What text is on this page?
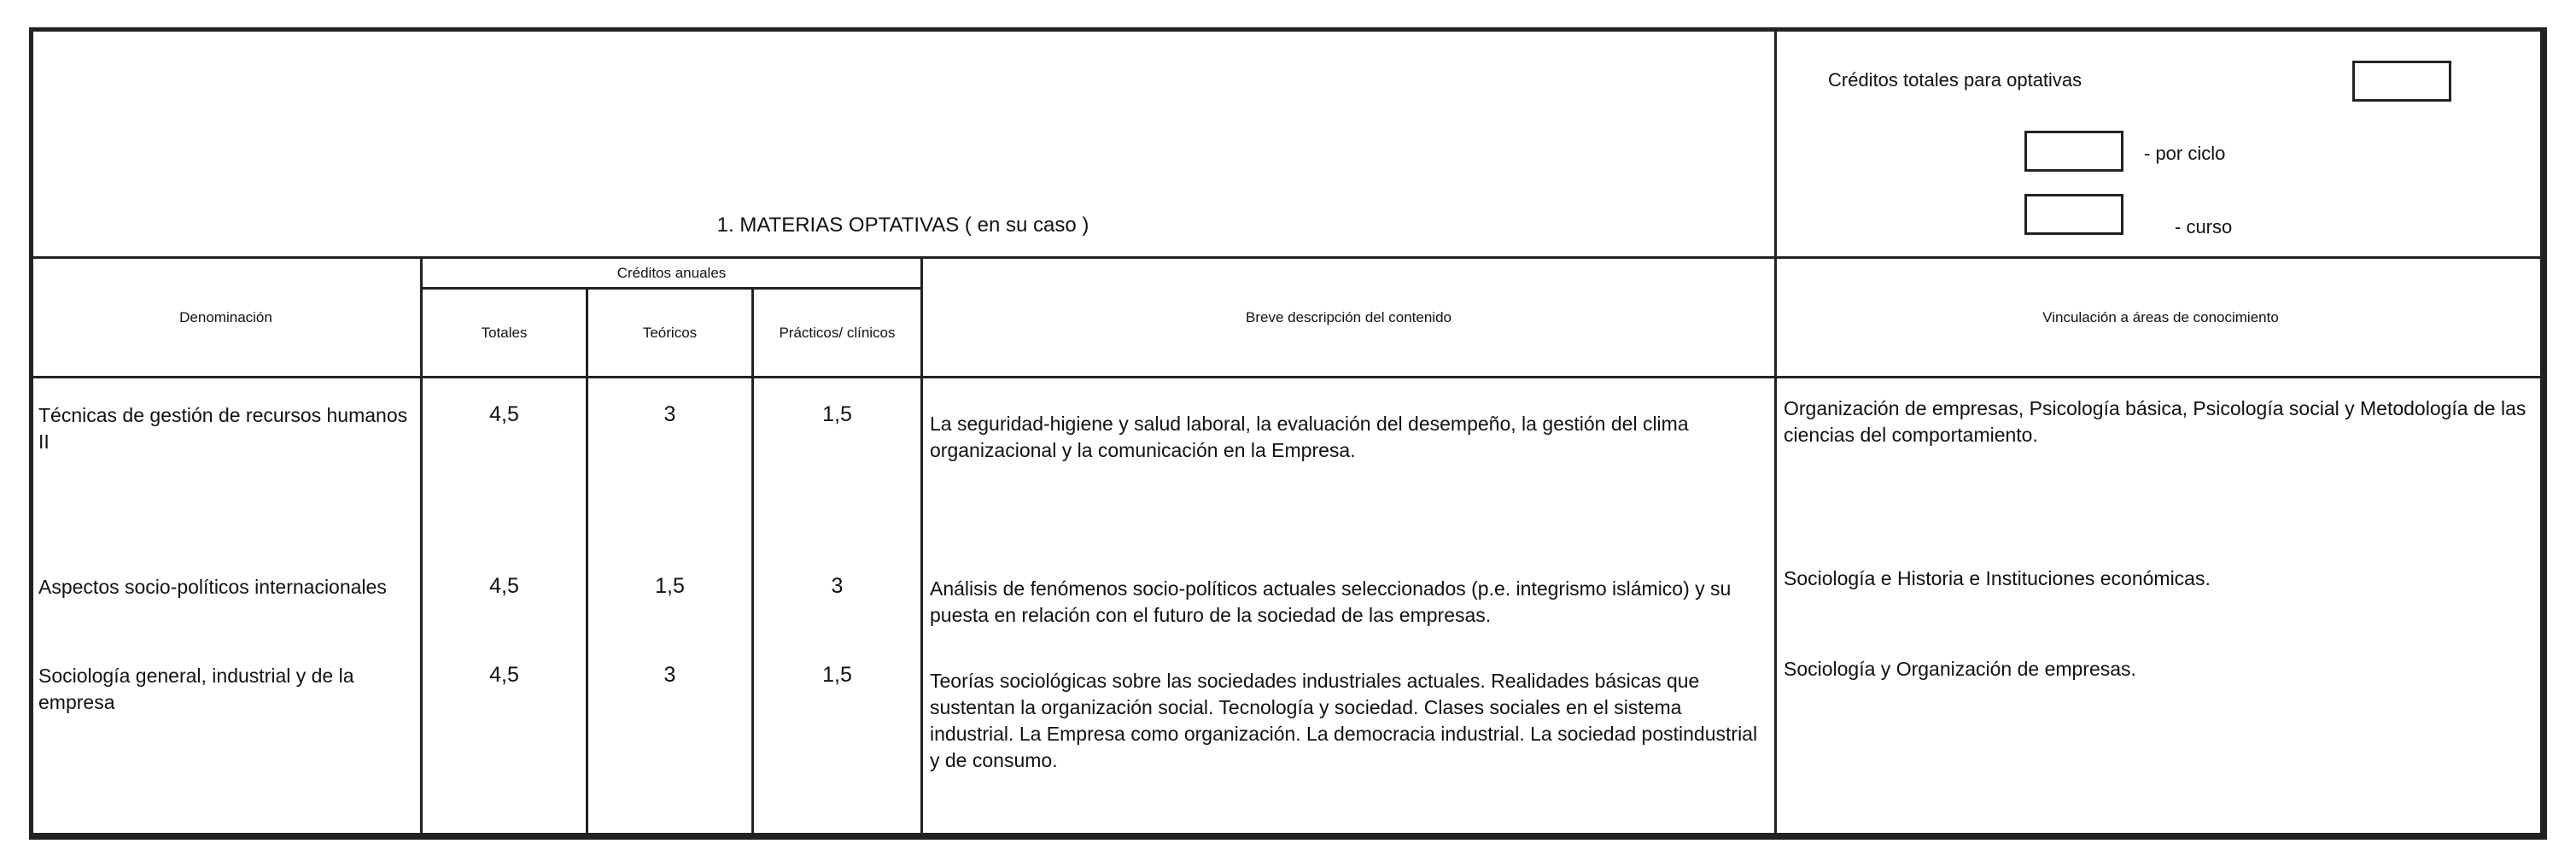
1. MATERIAS OPTATIVAS ( en su caso )					Créditos totales para optativas
- por ciclo
- curso

Denominación	Créditos anuales			Breve descripción del contenido	Vinculación a áreas de conocimiento
	Totales	Teóricos	Prácticos/ clínicos		

Técnicas de gestión de recursos humanos II	4,5	3	1,5	La seguridad-higiene y salud laboral, la evaluación del desempeño, la gestión del clima organizacional y la comunicación en la Empresa.	Organización de empresas, Psicología básica, Psicología social y Metodología de las ciencias del comportamiento.

Aspectos socio-políticos internacionales	4,5	1,5	3	Análisis de fenómenos socio-políticos actuales seleccionados (p.e. integrismo islámico) y su puesta en relación con el futuro de la sociedad de las empresas.	Sociología e Historia e Instituciones económicas.

Sociología general, industrial y de la empresa	4,5	3	1,5	Teorías sociológicas sobre las sociedades industriales actuales. Realidades básicas que sustentan la organización social. Tecnología y sociedad. Clases sociales en el sistema industrial. La Empresa como organización. La democracia industrial. La sociedad postindustrial y de consumo.	Sociología y Organización de empresas.
